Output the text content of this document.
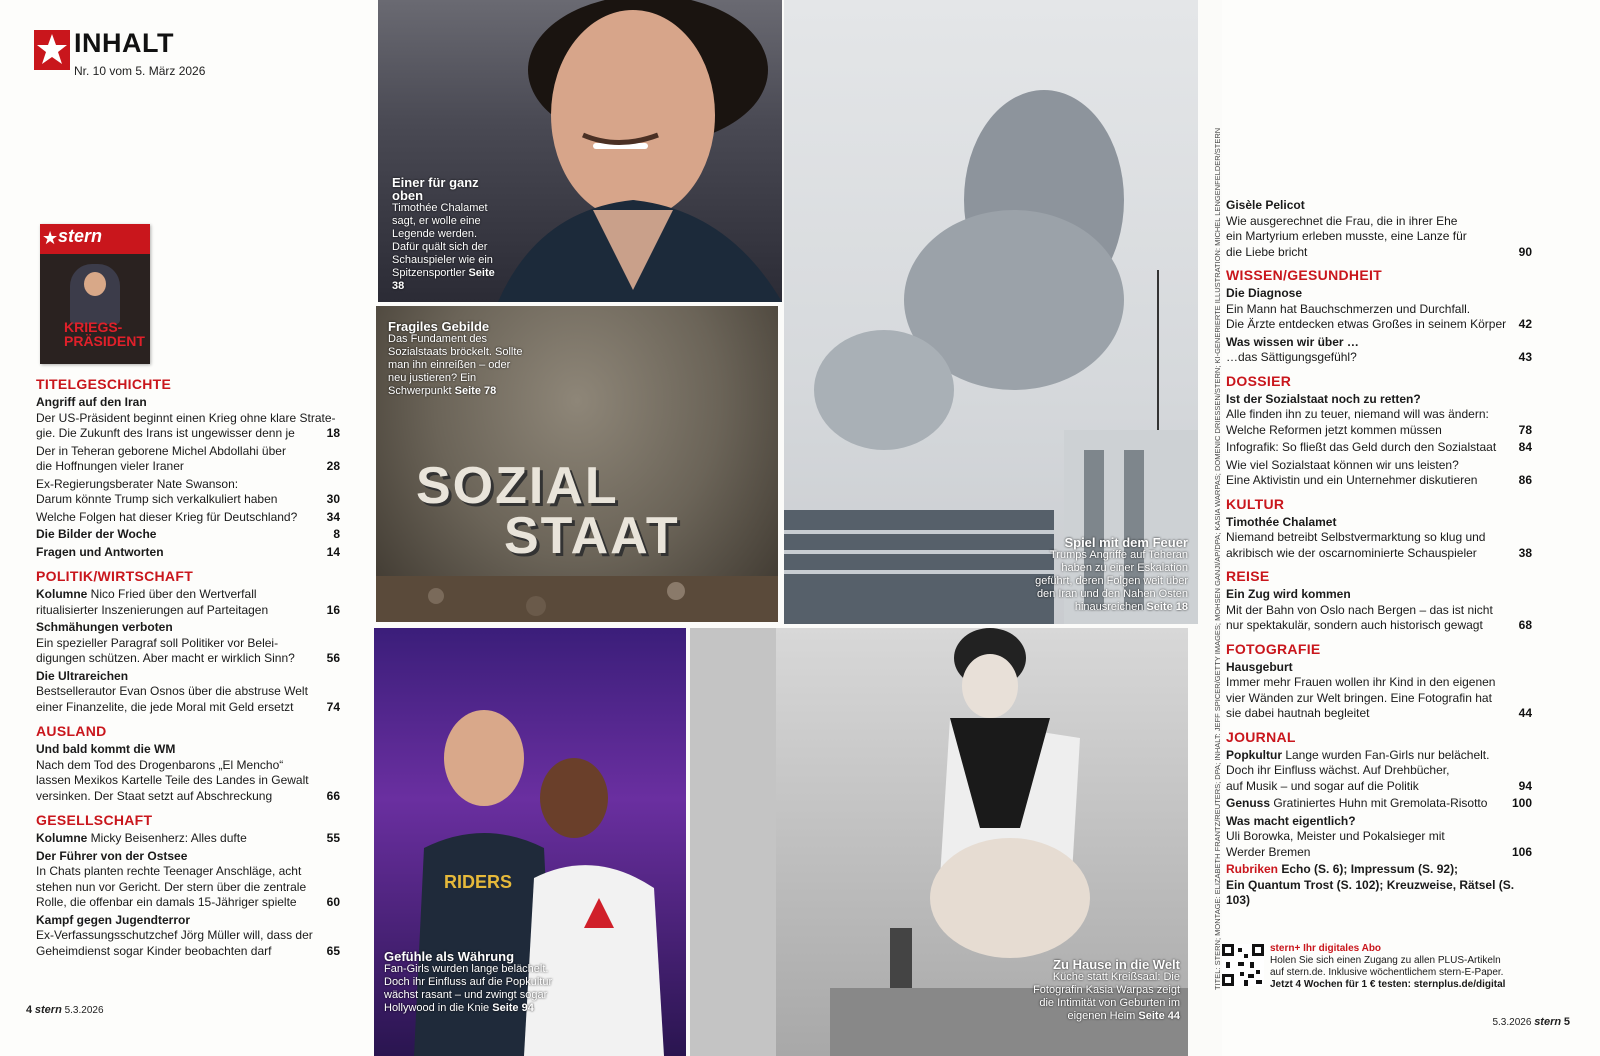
INHALT
Nr. 10 vom 5. März 2026
★ stern
KRIEGS-PRÄSIDENT
TITELGESCHICHTE
Angriff auf den Iran
Der US-Präsident beginnt einen Krieg ohne klare Strate-
gie. Die Zukunft des Irans ist ungewisser denn je	18
Der in Teheran geborene Michel Abdollahi über
die Hoffnungen vieler Iraner	28
Ex-Regierungsberater Nate Swanson:
Darum könnte Trump sich verkalkuliert haben	30
Welche Folgen hat dieser Krieg für Deutschland?	34
Die Bilder der Woche	8
Fragen und Antworten	14
POLITIK/WIRTSCHAFT
Kolumne Nico Fried über den Wertverfall
ritualisierter Inszenierungen auf Parteitagen	16
Schmähungen verboten
Ein spezieller Paragraf soll Politiker vor Belei-
digungen schützen. Aber macht er wirklich Sinn?	56
Die Ultrareichen
Bestsellerautor Evan Osnos über die abstruse Welt
einer Finanzelite, die jede Moral mit Geld ersetzt	74
AUSLAND
Und bald kommt die WM
Nach dem Tod des Drogenbarons „El Mencho“
lassen Mexikos Kartelle Teile des Landes in Gewalt
versinken. Der Staat setzt auf Abschreckung	66
GESELLSCHAFT
Kolumne Micky Beisenherz: Alles dufte	55
Der Führer von der Ostsee
In Chats planten rechte Teenager Anschläge, acht
stehen nun vor Gericht. Der stern über die zentrale
Rolle, die offenbar ein damals 15-Jähriger spielte	60
Kampf gegen Jugendterror
Ex-Verfassungsschutzchef Jörg Müller will, dass der
Geheimdienst sogar Kinder beobachten darf	65
4 stern 5.3.2026
Einer für ganz oben
Timothée Chalamet sagt, er wolle eine Legende werden. Dafür quält sich der Schauspieler wie ein Spitzensportler Seite 38
SOZIAL
STAAT
Fragiles Gebilde
Das Fundament des Sozialstaats bröckelt. Sollte man ihn einreißen – oder neu justieren? Ein Schwerpunkt Seite 78
Spiel mit dem Feuer
Trumps Angriffe auf Teheran haben zu einer Eskalation geführt, deren Folgen weit über den Iran und den Nahen Osten hinausreichen Seite 18
RIDERS
Gefühle als Währung
Fan-Girls wurden lange belächelt. Doch ihr Einfluss auf die Popkultur wächst rasant – und zwingt sogar Hollywood in die Knie Seite 94
Zu Hause in die Welt
Küche statt Kreißsaal: Die Fotografin Kasia Warpas zeigt die Intimität von Geburten im eigenen Heim Seite 44
TITEL: STERN; MONTAGE: ELIZABETH FRANTZ/REUTERS; DPA; INHALT: JEFF SPICER/GETTY IMAGES; MOHSEN GANJI/AP/DPA; KASIA WARPAS; DOMENIC DRIESSEN/STERN; KI-GENERIERTE ILLUSTRATION: MICHEL LENGENFELDER/STERN Gisèle Pelicot
Wie ausgerechnet die Frau, die in ihrer Ehe
ein Martyrium erleben musste, eine Lanze für
die Liebe bricht	90
WISSEN/GESUNDHEIT
Die Diagnose
Ein Mann hat Bauchschmerzen und Durchfall.
Die Ärzte entdecken etwas Großes in seinem Körper	42
Was wissen wir über …
…das Sättigungsgefühl?	43
DOSSIER
Ist der Sozialstaat noch zu retten?
Alle finden ihn zu teuer, niemand will was ändern:
Welche Reformen jetzt kommen müssen	78
Infografik: So fließt das Geld durch den Sozialstaat	84
Wie viel Sozialstaat können wir uns leisten?
Eine Aktivistin und ein Unternehmer diskutieren	86
KULTUR
Timothée Chalamet
Niemand betreibt Selbstvermarktung so klug und
akribisch wie der oscarnominierte Schauspieler	38
REISE
Ein Zug wird kommen
Mit der Bahn von Oslo nach Bergen – das ist nicht
nur spektakulär, sondern auch historisch gewagt	68
FOTOGRAFIE
Hausgeburt
Immer mehr Frauen wollen ihr Kind in den eigenen
vier Wänden zur Welt bringen. Eine Fotografin hat
sie dabei hautnah begleitet	44
JOURNAL
Popkultur Lange wurden Fan-Girls nur belächelt.
Doch ihr Einfluss wächst. Auf Drehbücher,
auf Musik – und sogar auf die Politik	94
Genuss Gratiniertes Huhn mit Gremolata-Risotto	100
Was macht eigentlich?
Uli Borowka, Meister und Pokalsieger mit
Werder Bremen	106
Rubriken Echo (S. 6); Impressum (S. 92);
Ein Quantum Trost (S. 102); Kreuzweise, Rätsel (S. 103)
stern+ Ihr digitales Abo
Holen Sie sich einen Zugang zu allen PLUS-Artikeln
auf stern.de. Inklusive wöchentlichem stern-E-Paper.
Jetzt 4 Wochen für 1 € testen: sternplus.de/digital
5.3.2026 stern 5
